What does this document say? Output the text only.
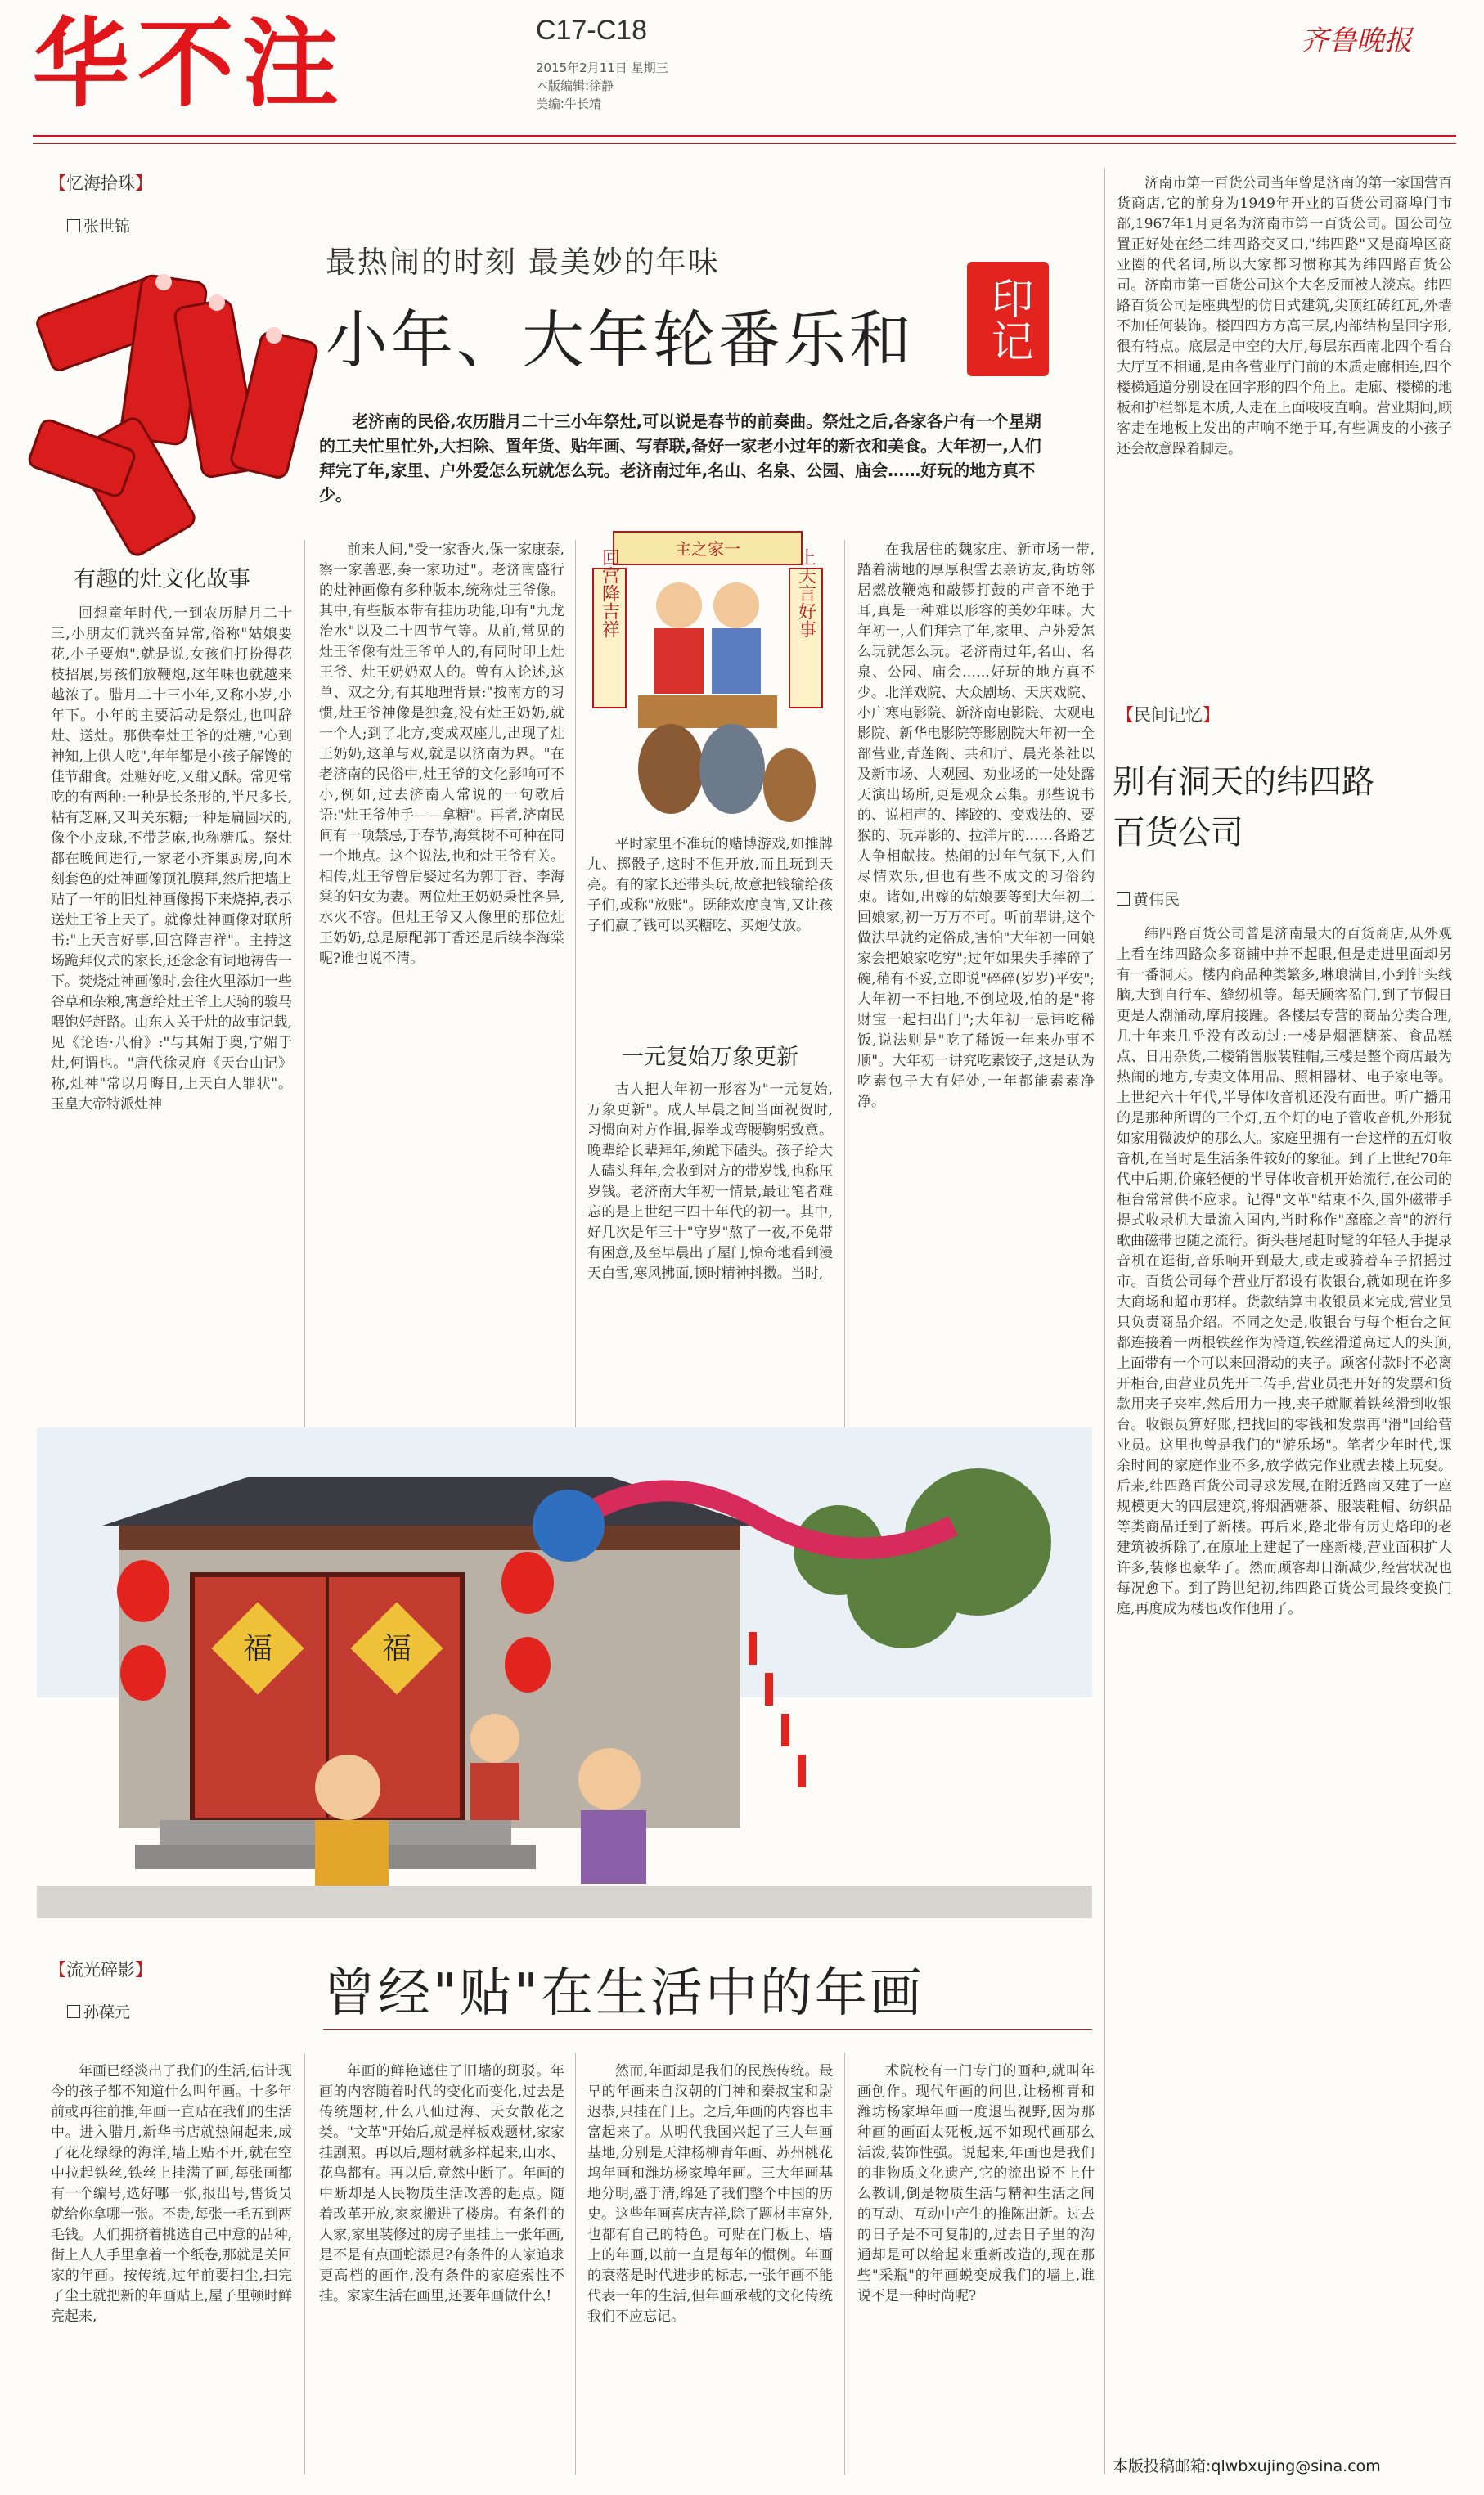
华不注	C17-C18
2015年2月11日 星期三
本版编辑:徐静
美编:牛长靖
齐鲁晚报
【忆海拾珠】
张世锦
最热闹的时刻 最美妙的年味
小年、大年轮番乐和	印记
老济南的民俗,农历腊月二十三小年祭灶,可以说是春节的前奏曲。祭灶之后,各家各户有一个星期的工夫忙里忙外,大扫除、置年货、贴年画、写春联,备好一家老小过年的新衣和美食。大年初一,人们拜完了年,家里、户外爱怎么玩就怎么玩。老济南过年,名山、名泉、公园、庙会……好玩的地方真不少。
有趣的灶文化故事

回想童年时代,一到农历腊月二十三,小朋友们就兴奋异常,俗称"姑娘要花,小子要炮",就是说,女孩们打扮得花枝招展,男孩们放鞭炮,这年味也就越来越浓了。腊月二十三小年,又称小岁,小年下。小年的主要活动是祭灶,也叫辞灶、送灶。那供奉灶王爷的灶糖,"心到神知,上供人吃",年年都是小孩子解馋的佳节甜食。灶糖好吃,又甜又酥。常见常吃的有两种:一种是长条形的,半尺多长,粘有芝麻,又叫关东糖;一种是扁圆状的,像个小皮球,不带芝麻,也称糖瓜。祭灶都在晚间进行,一家老小齐集厨房,向木刻套色的灶神画像顶礼膜拜,然后把墙上贴了一年的旧灶神画像揭下来烧掉,表示送灶王爷上天了。就像灶神画像对联所书:"上天言好事,回宫降吉祥"。主持这场跪拜仪式的家长,还念念有词地祷告一下。焚烧灶神画像时,会往火里添加一些谷草和杂粮,寓意给灶王爷上天骑的骏马喂饱好赶路。山东人关于灶的故事记载,见《论语·八佾》:"与其媚于奥,宁媚于灶,何谓也。"唐代徐灵府《天台山记》称,灶神"常以月晦日,上天白人罪状"。玉皇大帝特派灶神

前来人间,"受一家香火,保一家康泰,察一家善恶,奏一家功过"。老济南盛行的灶神画像有多种版本,统称灶王爷像。其中,有些版本带有挂历功能,印有"九龙治水"以及二十四节气等。从前,常见的灶王爷像有灶王爷单人的,有同时印上灶王爷、灶王奶奶双人的。曾有人论述,这单、双之分,有其地理背景:"按南方的习惯,灶王爷神像是独龛,没有灶王奶奶,就一个人;到了北方,变成双座儿,出现了灶王奶奶,这单与双,就是以济南为界。"在老济南的民俗中,灶王爷的文化影响可不小,例如,过去济南人常说的一句歇后语:"灶王爷伸手——拿糖"。再者,济南民间有一项禁忌,于春节,海棠树不可种在同一个地点。这个说法,也和灶王爷有关。相传,灶王爷曾后娶过名为郭丁香、李海棠的妇女为妻。两位灶王奶奶秉性各异,水火不容。但灶王爷又人像里的那位灶王奶奶,总是原配郭丁香还是后续李海棠呢?谁也说不清。

主之家一
回宫降吉祥	上天言好事

平时家里不准玩的赌博游戏,如推牌九、掷骰子,这时不但开放,而且玩到天亮。有的家长还带头玩,故意把钱输给孩子们,或称"放账"。既能欢度良宵,又让孩子们赢了钱可以买糖吃、买炮仗放。

一元复始万象更新

古人把大年初一形容为"一元复始,万象更新"。成人早晨之间当面祝贺时,习惯向对方作揖,握拳或弯腰鞠躬致意。晚辈给长辈拜年,须跪下磕头。孩子给大人磕头拜年,会收到对方的带岁钱,也称压岁钱。老济南大年初一情景,最让笔者难忘的是上世纪三四十年代的初一。其中,好几次是年三十"守岁"熬了一夜,不免带有困意,及至早晨出了屋门,惊奇地看到漫天白雪,寒风拂面,顿时精神抖擞。当时,

在我居住的魏家庄、新市场一带,踏着满地的厚厚积雪去亲访友,街坊邻居燃放鞭炮和敲锣打鼓的声音不绝于耳,真是一种难以形容的美妙年味。大年初一,人们拜完了年,家里、户外爱怎么玩就怎么玩。老济南过年,名山、名泉、公园、庙会……好玩的地方真不少。北洋戏院、大众剧场、天庆戏院、小广寒电影院、新济南电影院、大观电影院、新华电影院等影剧院大年初一全部营业,青莲阁、共和厅、晨光茶社以及新市场、大观园、劝业场的一处处露天演出场所,更是观众云集。那些说书的、说相声的、摔跤的、变戏法的、要猴的、玩弄影的、拉洋片的……各路艺人争相献技。热闹的过年气氛下,人们尽情欢乐,但也有些不成文的习俗约束。诸如,出嫁的姑娘要等到大年初二回娘家,初一万万不可。听前辈讲,这个做法早就约定俗成,害怕"大年初一回娘家会把娘家吃穷";过年如果失手摔碎了碗,稍有不妥,立即说"碎碎(岁岁)平安";大年初一不扫地,不倒垃圾,怕的是"将财宝一起扫出门";大年初一忌讳吃稀饭,说法则是"吃了稀饭一年来办事不顺"。大年初一讲究吃素饺子,这是认为吃素包子大有好处,一年都能素素净净。

福	福
【流光碎影】
孙葆元	曾经"贴"在生活中的年画

年画已经淡出了我们的生活,估计现今的孩子都不知道什么叫年画。十多年前或再往前推,年画一直贴在我们的生活中。进入腊月,新华书店就热闹起来,成了花花绿绿的海洋,墙上贴不开,就在空中拉起铁丝,铁丝上挂满了画,每张画都有一个编号,选好哪一张,报出号,售货员就给你拿哪一张。不贵,每张一毛五到两毛钱。人们拥挤着挑选自己中意的品种,街上人人手里拿着一个纸卷,那就是关回家的年画。按传统,过年前要扫尘,扫完了尘土就把新的年画贴上,屋子里顿时鲜亮起来,

年画的鲜艳遮住了旧墙的斑驳。年画的内容随着时代的变化而变化,过去是传统题材,什么八仙过海、天女散花之类。"文革"开始后,就是样板戏题材,家家挂剧照。再以后,题材就多样起来,山水、花鸟都有。再以后,竟然中断了。年画的中断却是人民物质生活改善的起点。随着改革开放,家家搬进了楼房。有条件的人家,家里装修过的房子里挂上一张年画,是不是有点画蛇添足?有条件的人家追求更高档的画作,没有条件的家庭索性不挂。家家生活在画里,还要年画做什么!

然而,年画却是我们的民族传统。最早的年画来自汉朝的门神和秦叔宝和尉迟恭,只挂在门上。之后,年画的内容也丰富起来了。从明代我国兴起了三大年画基地,分别是天津杨柳青年画、苏州桃花坞年画和潍坊杨家埠年画。三大年画基地分明,盛于清,绵延了我们整个中国的历史。这些年画喜庆吉祥,除了题材丰富外,也都有自己的特色。可贴在门板上、墙上的年画,以前一直是每年的惯例。年画的衰落是时代进步的标志,一张年画不能代表一年的生活,但年画承载的文化传统我们不应忘记。

术院校有一门专门的画种,就叫年画创作。现代年画的问世,让杨柳青和潍坊杨家埠年画一度退出视野,因为那种画的画面太死板,远不如现代画那么活泼,装饰性强。说起来,年画也是我们的非物质文化遗产,它的流出说不上什么教训,倒是物质生活与精神生活之间的互动、互动中产生的推陈出新。过去的日子是不可复制的,过去日子里的沟通却是可以给起来重新改造的,现在那些"采瓶"的年画蜕变成我们的墙上,谁说不是一种时尚呢?

济南市第一百货公司当年曾是济南的第一家国营百货商店,它的前身为1949年开业的百货公司商埠门市部,1967年1月更名为济南市第一百货公司。国公司位置正好处在经二纬四路交叉口,"纬四路"又是商埠区商业圈的代名词,所以大家都习惯称其为纬四路百货公司。济南市第一百货公司这个大名反而被人淡忘。纬四路百货公司是座典型的仿日式建筑,尖顶红砖红瓦,外墙不加任何装饰。楼四四方方高三层,内部结构呈回字形,很有特点。底层是中空的大厅,每层东西南北四个看台大厅互不相通,是由各营业厅门前的木质走廊相连,四个楼梯通道分别设在回字形的四个角上。走廊、楼梯的地板和护栏都是木质,人走在上面吱吱直响。营业期间,顾客走在地板上发出的声响不绝于耳,有些调皮的小孩子还会故意跺着脚走。

【民间记忆】
别有洞天的纬四路百货公司
黄伟民

纬四路百货公司曾是济南最大的百货商店,从外观上看在纬四路众多商铺中并不起眼,但是走进里面却另有一番洞天。楼内商品种类繁多,琳琅满目,小到针头线脑,大到自行车、缝纫机等。每天顾客盈门,到了节假日更是人潮涌动,摩肩接踵。各楼层专营的商品分类合理,几十年来几乎没有改动过:一楼是烟酒糖茶、食品糕点、日用杂货,二楼销售服装鞋帽,三楼是整个商店最为热闹的地方,专卖文体用品、照相器材、电子家电等。上世纪六十年代,半导体收音机还没有面世。听广播用的是那种所谓的三个灯,五个灯的电子管收音机,外形犹如家用微波炉的那么大。家庭里拥有一台这样的五灯收音机,在当时是生活条件较好的象征。到了上世纪70年代中后期,价廉轻便的半导体收音机开始流行,在公司的柜台常常供不应求。记得"文革"结束不久,国外磁带手提式收录机大量流入国内,当时称作"靡靡之音"的流行歌曲磁带也随之流行。街头巷尾赶时髦的年轻人手提录音机在逛街,音乐响开到最大,或走或骑着车子招摇过市。百货公司每个营业厅都设有收银台,就如现在许多大商场和超市那样。货款结算由收银员来完成,营业员只负责商品介绍。不同之处是,收银台与每个柜台之间都连接着一两根铁丝作为滑道,铁丝滑道高过人的头顶,上面带有一个可以来回滑动的夹子。顾客付款时不必离开柜台,由营业员先开二传手,营业员把开好的发票和货款用夹子夹牢,然后用力一拽,夹子就顺着铁丝滑到收银台。收银员算好账,把找回的零钱和发票再"滑"回给营业员。这里也曾是我们的"游乐场"。笔者少年时代,课余时间的家庭作业不多,放学做完作业就去楼上玩耍。后来,纬四路百货公司寻求发展,在附近路南又建了一座规模更大的四层建筑,将烟酒糖茶、服装鞋帽、纺织品等类商品迁到了新楼。再后来,路北带有历史烙印的老建筑被拆除了,在原址上建起了一座新楼,营业面积扩大许多,装修也豪华了。然而顾客却日渐减少,经营状况也每况愈下。到了跨世纪初,纬四路百货公司最终变换门庭,再度成为楼也改作他用了。

本版投稿邮箱:qlwbxujing@sina.com
